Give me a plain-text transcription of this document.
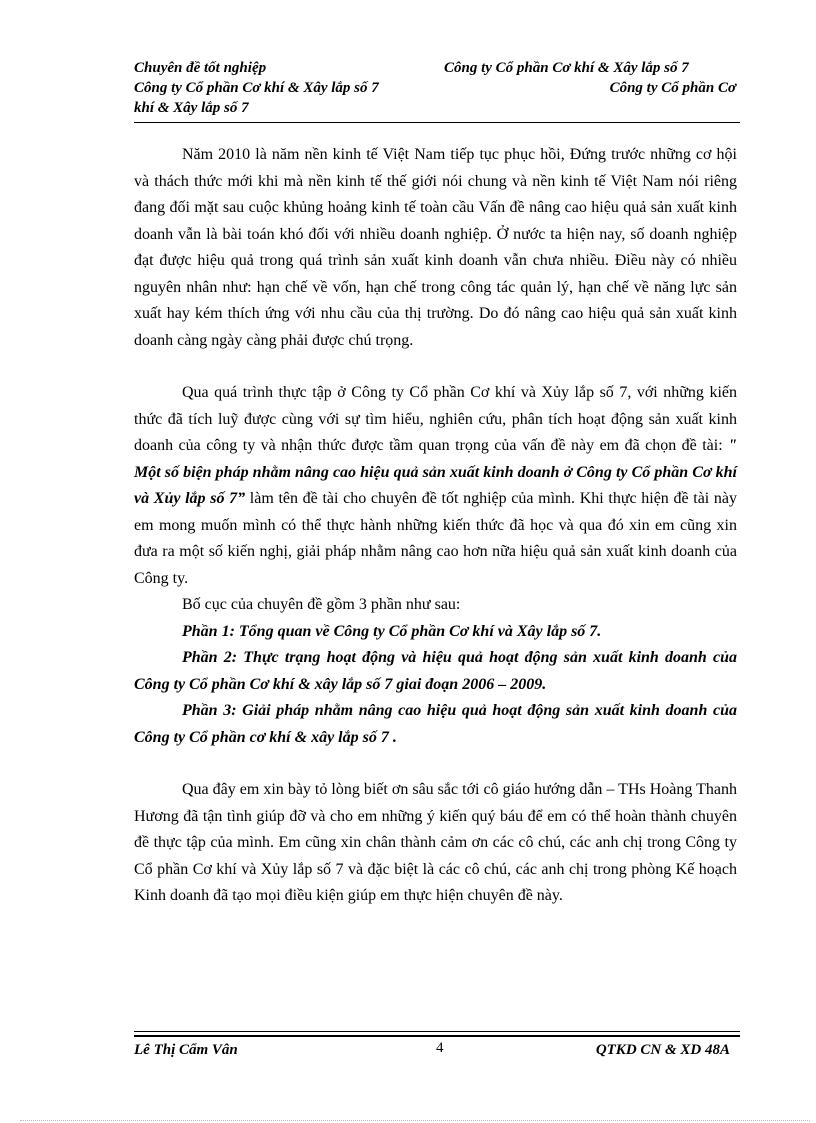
Chuyên đề tốt nghiệp	Công ty Cổ phần Cơ khí & Xây lắp số 7
Công ty Cổ phần Cơ khí & Xây lắp số 7	Công ty Cổ phần Cơ
khí & Xây lắp số 7

Năm 2010 là năm nền kinh tế Việt Nam tiếp tục phục hồi, Đứng trước những cơ hội và thách thức mới khi mà nền kinh tế thế giới nói chung và nền kinh tế Việt Nam nói riêng đang đối mặt sau cuộc khủng hoảng kinh tế toàn cầu Vấn đề nâng cao hiệu quả sản xuất kinh doanh vẫn là bài toán khó đối với nhiều doanh nghiệp. Ở nước ta hiện nay, số doanh nghiệp đạt được hiệu quả trong quá trình sản xuất kinh doanh vẫn chưa nhiều. Điều này có nhiều nguyên nhân như: hạn chế về vốn, hạn chế trong công tác quản lý, hạn chế về năng lực sản xuất hay kém thích ứng với nhu cầu của thị trường. Do đó nâng cao hiệu quả sản xuất kinh doanh càng ngày càng phải được chú trọng.

Qua quá trình thực tập ở Công ty Cổ phần Cơ khí và Xủy lắp số 7, với những kiến thức đã tích luỹ được cùng với sự tìm hiểu, nghiên cứu, phân tích hoạt động sản xuất kinh doanh của công ty và nhận thức được tầm quan trọng của vấn đề này em đã chọn đề tài: " Một số biện pháp nhằm nâng cao hiệu quả sản xuất kinh doanh ở Công ty Cổ phần Cơ khí và Xủy lắp số 7” làm tên đề tài cho chuyên đề tốt nghiệp của mình. Khi thực hiện đề tài này em mong muốn mình có thể thực hành những kiến thức đã học và qua đó xin em cũng xin đưa ra một số kiến nghị, giải pháp nhằm nâng cao hơn nữa hiệu quả sản xuất kinh doanh của Công ty.

Bố cục của chuyên đề gồm 3 phần như sau:

Phần 1: Tổng quan về Công ty Cổ phần Cơ khí và Xây lắp số 7.

Phần 2: Thực trạng hoạt động và hiệu quả hoạt động sản xuất kinh doanh của Công ty Cổ phần Cơ khí & xây lắp số 7 giai đoạn 2006 – 2009.

Phần 3: Giải pháp nhằm nâng cao hiệu quả hoạt động sản xuất kinh doanh của Công ty Cổ phần cơ khí & xây lắp số 7 .

Qua đây em xin bày tỏ lòng biết ơn sâu sắc tới cô giáo hướng dẫn – THs Hoàng Thanh Hương đã tận tình giúp đỡ và cho em những ý kiến quý báu để em có thể hoàn thành chuyên đề thực tập của mình. Em cũng xin chân thành cảm ơn các cô chú, các anh chị trong Công ty Cổ phần Cơ khí và Xủy lắp số 7 và đặc biệt là các cô chú, các anh chị trong phòng Kế hoạch Kinh doanh đã tạo mọi điều kiện giúp em thực hiện chuyên đề này.

Lê Thị Cẩm Vân	4	QTKD CN & XD 48A
